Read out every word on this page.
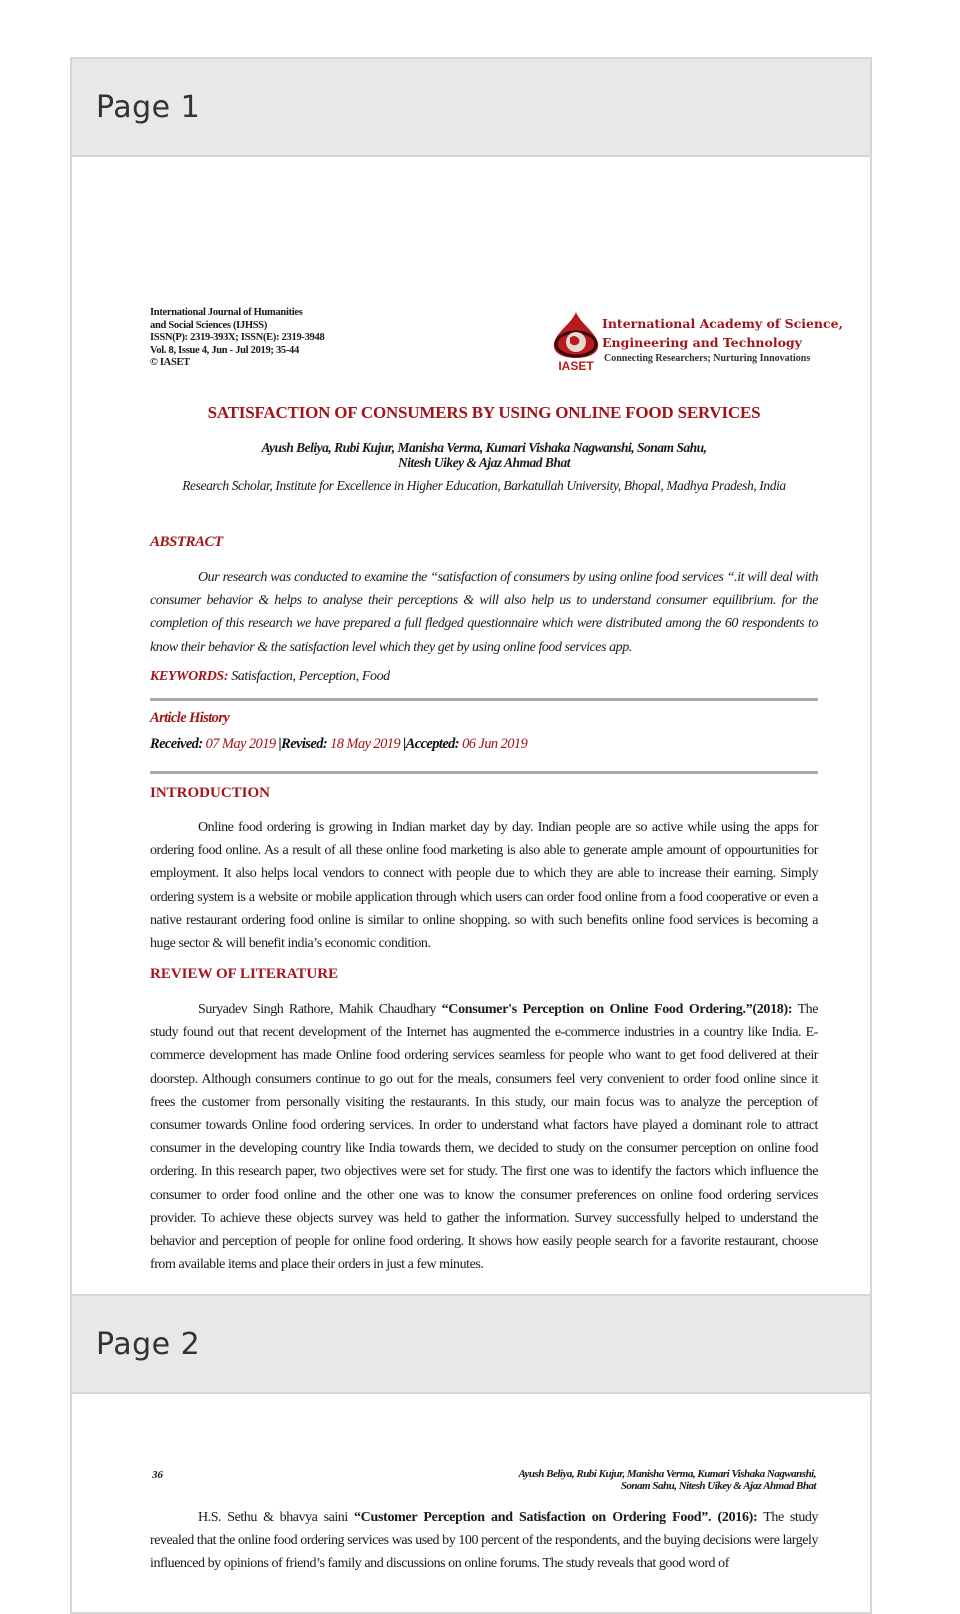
Page 1
International Journal of Humanities
and Social Sciences (IJHSS)
ISSN(P): 2319-393X; ISSN(E): 2319-3948
Vol. 8, Issue 4, Jun - Jul 2019; 35-44
© IASET	IASET
International Academy of Science,
Engineering and Technology
Connecting Researchers; Nurturing Innovations
SATISFACTION OF CONSUMERS BY USING ONLINE FOOD SERVICES
Ayush Beliya, Rubi Kujur, Manisha Verma, Kumari Vishaka Nagwanshi, Sonam Sahu,
Nitesh Uikey & Ajaz Ahmad Bhat
Research Scholar, Institute for Excellence in Higher Education, Barkatullah University, Bhopal, Madhya Pradesh, India
ABSTRACT
Our research was conducted to examine the “satisfaction of consumers by using online food services “.it will deal with consumer behavior & helps to analyse their perceptions & will also help us to understand consumer equilibrium. for the completion of this research we have prepared a full fledged questionnaire which were distributed among the 60 respondents to know their behavior & the satisfaction level which they get by using online food services app.
KEYWORDS: Satisfaction, Perception, Food
Article History
Received: 07 May 2019 |Revised: 18 May 2019 |Accepted: 06 Jun 2019
INTRODUCTION
Online food ordering is growing in Indian market day by day. Indian people are so active while using the apps for ordering food online. As a result of all these online food marketing is also able to generate ample amount of oppourtunities for employment. It also helps local vendors to connect with people due to which they are able to increase their earning. Simply ordering system is a website or mobile application through which users can order food online from a food cooperative or even a native restaurant ordering food online is similar to online shopping. so with such benefits online food services is becoming a huge sector & will benefit india’s economic condition.
REVIEW OF LITERATURE
Suryadev Singh Rathore, Mahik Chaudhary “Consumer's Perception on Online Food Ordering.”(2018): The study found out that recent development of the Internet has augmented the e-commerce industries in a country like India. E-commerce development has made Online food ordering services seamless for people who want to get food delivered at their doorstep. Although consumers continue to go out for the meals, consumers feel very convenient to order food online since it frees the customer from personally visiting the restaurants. In this study, our main focus was to analyze the perception of consumer towards Online food ordering services. In order to understand what factors have played a dominant role to attract consumer in the developing country like India towards them, we decided to study on the consumer perception on online food ordering. In this research paper, two objectives were set for study. The first one was to identify the factors which influence the consumer to order food online and the other one was to know the consumer preferences on online food ordering services provider. To achieve these objects survey was held to gather the information. Survey successfully helped to understand the behavior and perception of people for online food ordering. It shows how easily people search for a favorite restaurant, choose from available items and place their orders in just a few minutes.
Page 2
36	Ayush Beliya, Rubi Kujur, Manisha Verma, Kumari Vishaka Nagwanshi,
Sonam Sahu, Nitesh Uikey & Ajaz Ahmad Bhat
H.S. Sethu & bhavya saini “Customer Perception and Satisfaction on Ordering Food”. (2016): The study revealed that the online food ordering services was used by 100 percent of the respondents, and the buying decisions were largely influenced by opinions of friend’s family and discussions on online forums. The study reveals that good word of
